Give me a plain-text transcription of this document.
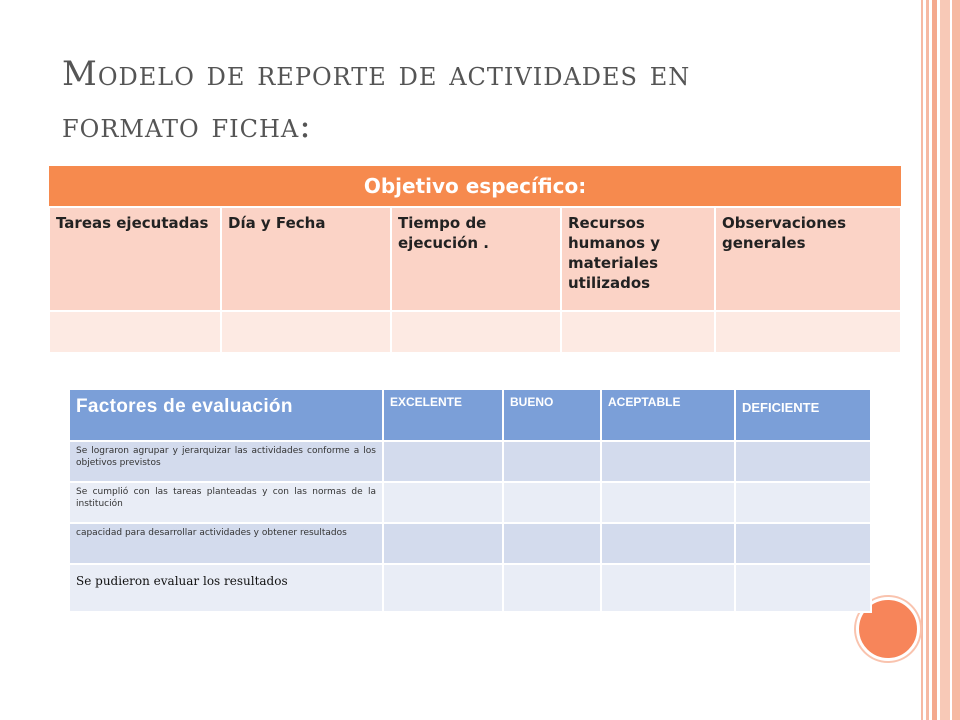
Modelo de reporte de actividades en
formato ficha:
Objetivo específico:				
Tareas ejecutadas	Día y Fecha	Tiempo de ejecución .	Recursos humanos y materiales utilizados	Observaciones generales

Factores de evaluación	EXCELENTE	BUENO	ACEPTABLE	DEFICIENTE
Se lograron agrupar y jerarquizar las actividades conforme a los objetivos previstos				
Se cumplió con las tareas planteadas y con las normas de la institución				
capacidad para desarrollar actividades y obtener resultados				
Se pudieron evaluar los resultados				
